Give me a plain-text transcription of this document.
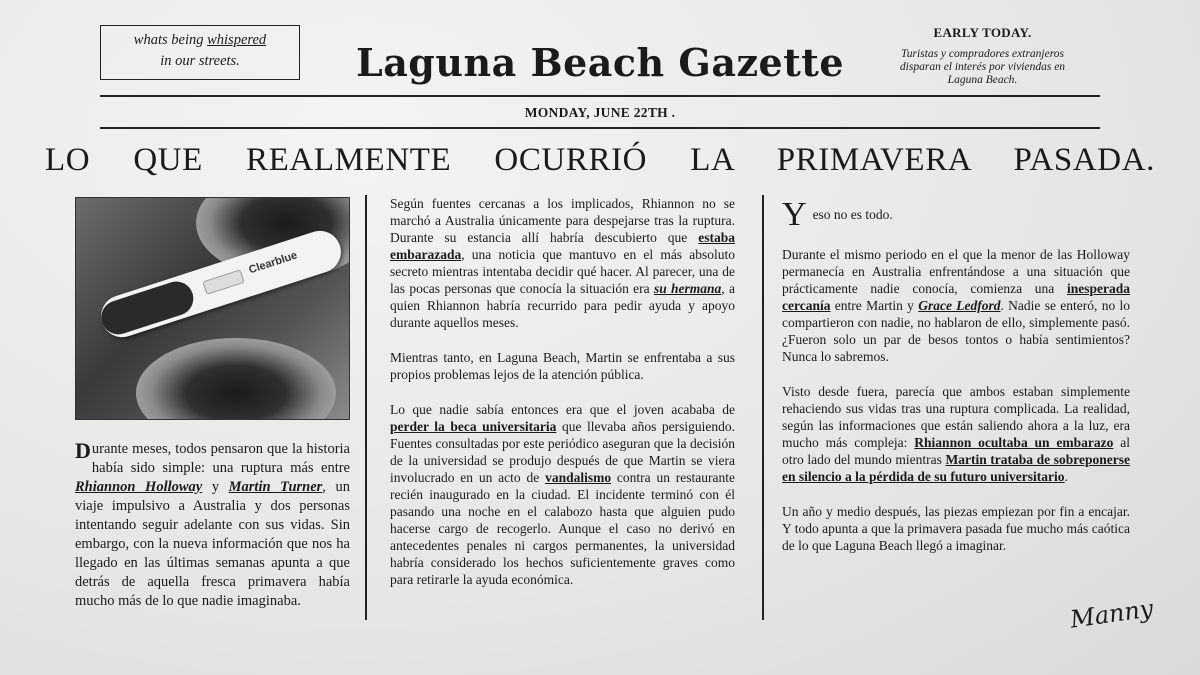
whats being whispered
in our streets.	Laguna Beach Gazette
EARLY TODAY.
Turistas y compradores extranjeros disparan el interés por viviendas en Laguna Beach.
MONDAY, JUNE 22TH .
LO QUE REALMENTE OCURRIÓ LA PRIMAVERA PASADA.
Clearblue

Durante meses, todos pensaron que la historia había sido simple: una ruptura más entre Rhiannon Holloway y Martin Turner, un viaje impulsivo a Australia y dos personas intentando seguir adelante con sus vidas. Sin embargo, con la nueva información que nos ha llegado en las últimas semanas apunta a que detrás de aquella fresca primavera había mucho más de lo que nadie imaginaba.

Según fuentes cercanas a los implicados, Rhiannon no se marchó a Australia únicamente para despejarse tras la ruptura. Durante su estancia allí habría descubierto que estaba embarazada, una noticia que mantuvo en el más absoluto secreto mientras intentaba decidir qué hacer. Al parecer, una de las pocas personas que conocía la situación era su hermana, a quien Rhiannon habría recurrido para pedir ayuda y apoyo durante aquellos meses.

Mientras tanto, en Laguna Beach, Martin se enfrentaba a sus propios problemas lejos de la atención pública.

Lo que nadie sabía entonces era que el joven acababa de perder la beca universitaria que llevaba años persiguiendo. Fuentes consultadas por este periódico aseguran que la decisión de la universidad se produjo después de que Martin se viera involucrado en un acto de vandalismo contra un restaurante recién inaugurado en la ciudad. El incidente terminó con él pasando una noche en el calabozo hasta que alguien pudo hacerse cargo de recogerlo. Aunque el caso no derivó en antecedentes penales ni cargos permanentes, la universidad habría considerado los hechos suficientemente graves como para retirarle la ayuda económica.

Y eso no es todo.

Durante el mismo periodo en el que la menor de las Holloway permanecía en Australia enfrentándose a una situación que prácticamente nadie conocía, comienza una inesperada cercanía entre Martin y Grace Ledford. Nadie se enteró, no lo compartieron con nadie, no hablaron de ello, simplemente pasó. ¿Fueron solo un par de besos tontos o había sentimientos? Nunca lo sabremos.

Visto desde fuera, parecía que ambos estaban simplemente rehaciendo sus vidas tras una ruptura complicada. La realidad, según las informaciones que están saliendo ahora a la luz, era mucho más compleja: Rhiannon ocultaba un embarazo al otro lado del mundo mientras Martin trataba de sobreponerse en silencio a la pérdida de su futuro universitario.

Un año y medio después, las piezas empiezan por fin a encajar. Y todo apunta a que la primavera pasada fue mucho más caótica de lo que Laguna Beach llegó a imaginar.

Manny
